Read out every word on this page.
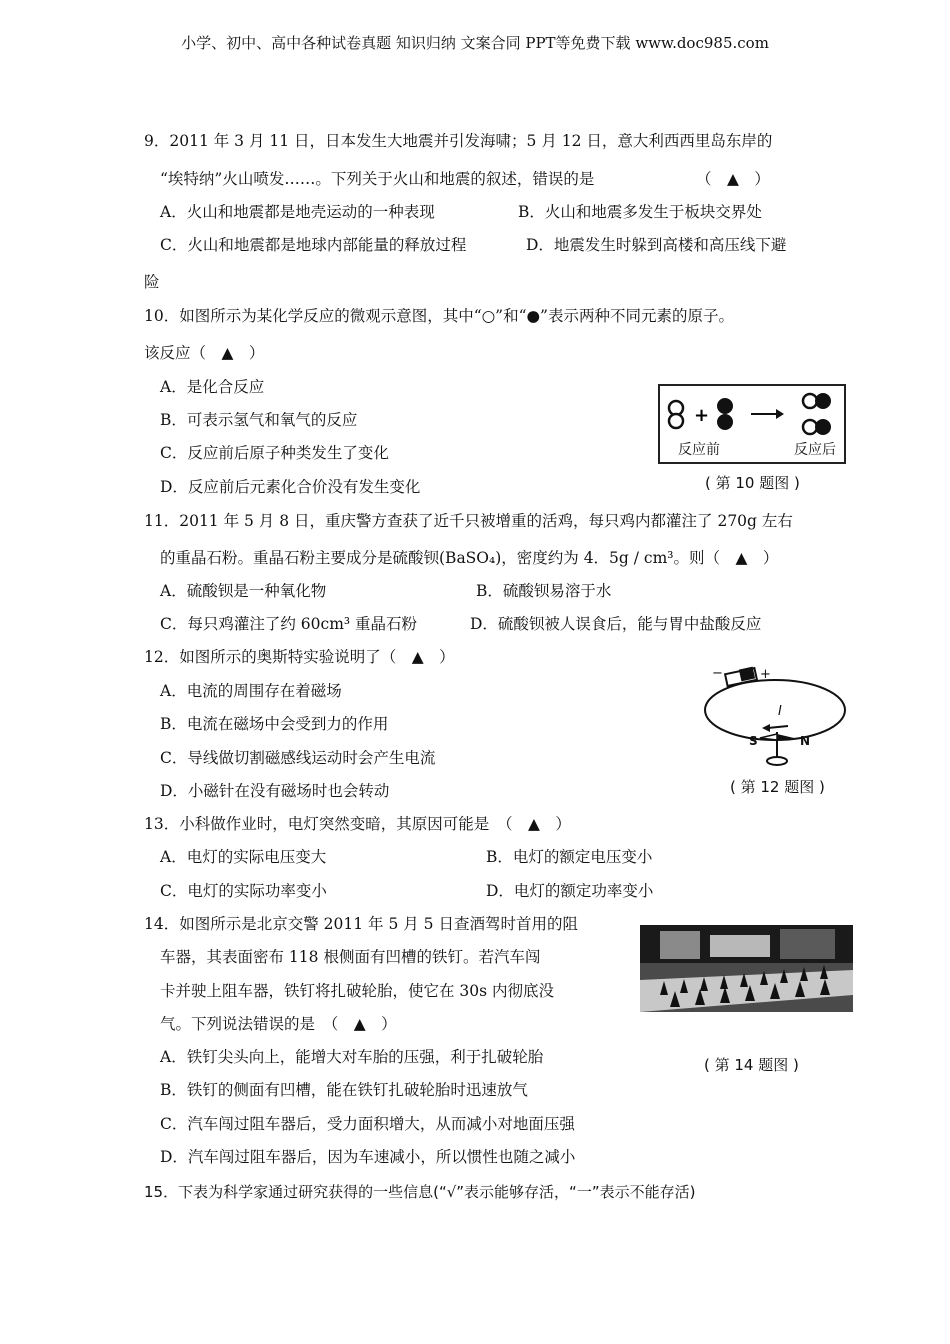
小学、初中、高中各种试卷真题 知识归纳 文案合同 PPT等免费下载 www.doc985.com
9．2011 年 3 月 11 日，日本发生大地震并引发海啸；5 月 12 日，意大利西西里岛东岸的
“埃特纳”火山喷发……。下列关于火山和地震的叙述，错误的是	（　▲　）
A．火山和地震都是地壳运动的一种表现	B．火山和地震多发生于板块交界处
C．火山和地震都是地球内部能量的释放过程	D．地震发生时躲到高楼和高压线下避
险
10．如图所示为某化学反应的微观示意图，其中“○”和“●”表示两种不同元素的原子。
该反应（　▲　）
A．是化合反应
B．可表示氢气和氧气的反应
C．反应前后原子种类发生了变化
D．反应前后元素化合价没有发生变化
+
反应前	反应后
( 第 10 题图 )
11．2011 年 5 月 8 日，重庆警方查获了近千只被增重的活鸡，每只鸡内都灌注了 270g 左右
的重晶石粉。重晶石粉主要成分是硫酸钡(BaSO₄)，密度约为 4．5g / cm³。则（　▲　）
A．硫酸钡是一种氧化物	B．硫酸钡易溶于水
C．每只鸡灌注了约 60cm³ 重晶石粉	D．硫酸钡被人误食后，能与胃中盐酸反应
12．如图所示的奥斯特实验说明了（　▲　）
A．电流的周围存在着磁场
B．电流在磁场中会受到力的作用
C．导线做切割磁感线运动时会产生电流
D．小磁针在没有磁场时也会转动
−	+
I
S	N
( 第 12 题图 )
13．小科做作业时，电灯突然变暗，其原因可能是　（　▲　）
A．电灯的实际电压变大	B．电灯的额定电压变小
C．电灯的实际功率变小	D．电灯的额定功率变小
14．如图所示是北京交警 2011 年 5 月 5 日查酒驾时首用的阻
车器，其表面密布 118 根侧面有凹槽的铁钉。若汽车闯
卡并驶上阻车器，铁钉将扎破轮胎，使它在 30s 内彻底没
气。下列说法错误的是　（　▲　）
A．铁钉尖头向上，能增大对车胎的压强，利于扎破轮胎
B．铁钉的侧面有凹槽，能在铁钉扎破轮胎时迅速放气
C．汽车闯过阻车器后，受力面积增大，从而减小对地面压强
D．汽车闯过阻车器后，因为车速减小，所以惯性也随之减小
( 第 14 题图 )
15．下表为科学家通过研究获得的一些信息(“√”表示能够存活，“一”表示不能存活)
